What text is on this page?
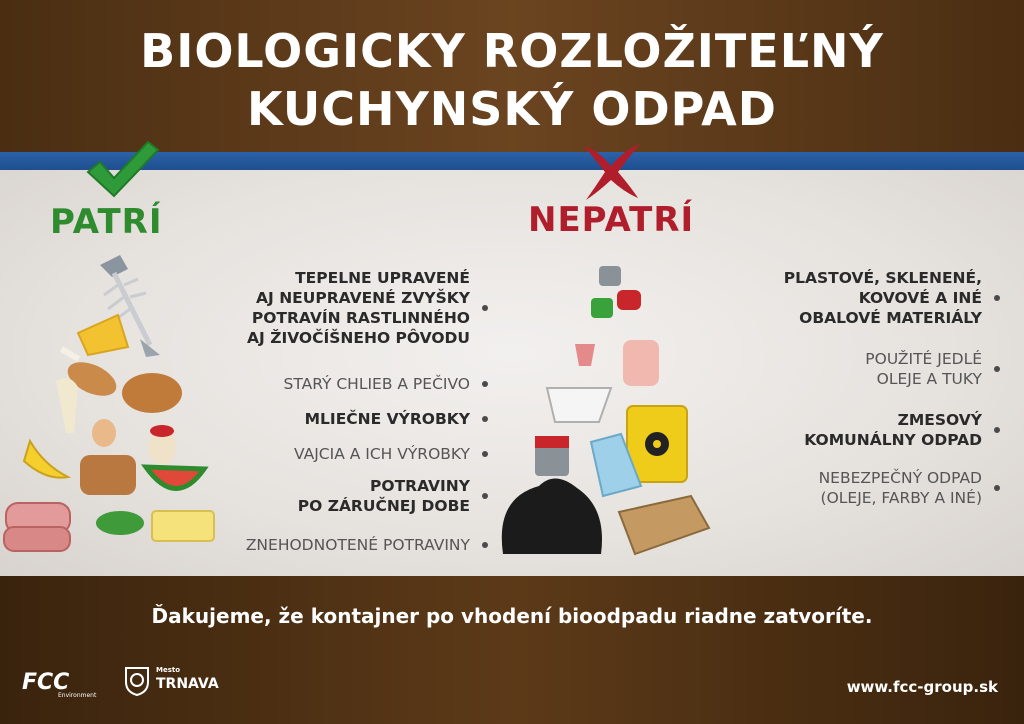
BIOLOGICKY ROZLOŽITEĽNÝ
KUCHYNSKÝ ODPAD
PATRÍ	NEPATRÍ
TEPELNE UPRAVENÉ
AJ NEUPRAVENÉ ZVYŠKY
POTRAVÍN RASTLINNÉHO
AJ ŽIVOČÍŠNEHO PÔVODU
STARÝ CHLIEB A PEČIVO
MLIEČNE VÝROBKY
VAJCIA A ICH VÝROBKY
POTRAVINY
PO ZÁRUČNEJ DOBE
ZNEHODNOTENÉ POTRAVINY
PLASTOVÉ, SKLENENÉ,
KOVOVÉ A INÉ
OBALOVÉ MATERIÁLY
POUŽITÉ JEDLÉ
OLEJE A TUKY
ZMESOVÝ
KOMUNÁLNY ODPAD
NEBEZPEČNÝ ODPAD
(OLEJE, FARBY A INÉ)
Ďakujeme, že kontajner po vhodení bioodpadu riadne zatvoríte.
FCC
Environment
Mesto
TRNAVA	www.fcc-group.sk
